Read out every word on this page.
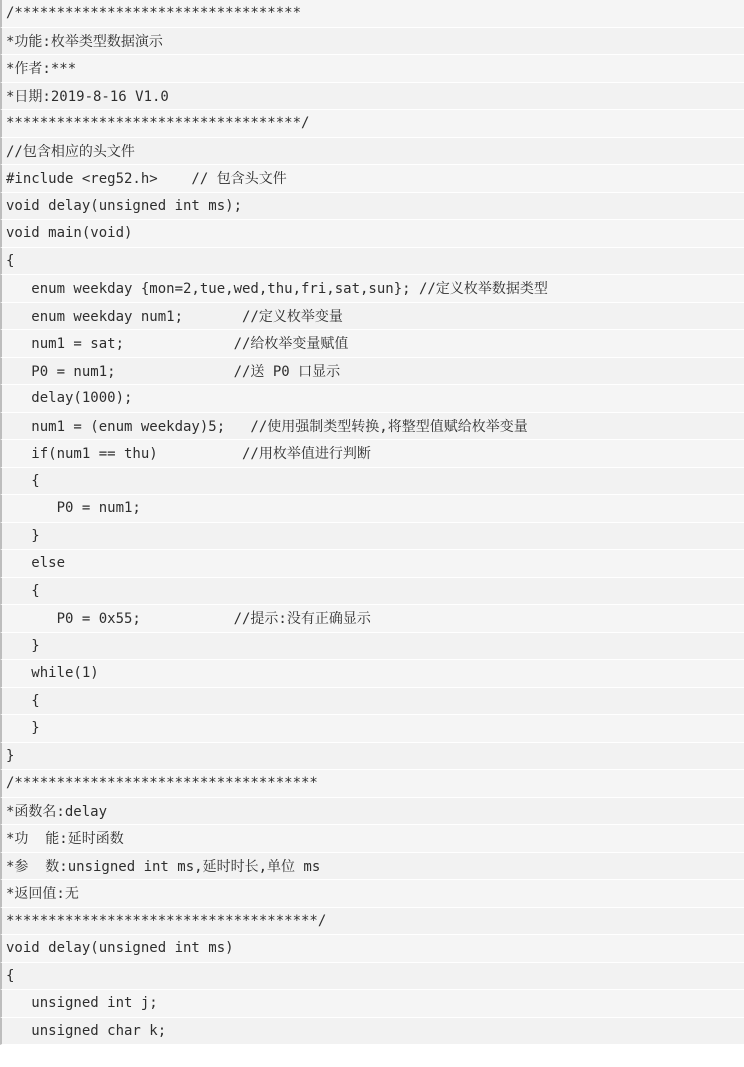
/**********************************
*功能:枚举类型数据演示
*作者:***
*日期:2019-8-16 V1.0
***********************************/
//包含相应的头文件
#include <reg52.h>    // 包含头文件
void delay(unsigned int ms);
void main(void)
{
enum weekday {mon=2,tue,wed,thu,fri,sat,sun}; //定义枚举数据类型
enum weekday num1;       //定义枚举变量
num1 = sat;             //给枚举变量赋值
P0 = num1;              //送 P0 口显示
delay(1000);
num1 = (enum weekday)5;   //使用强制类型转换,将整型值赋给枚举变量
if(num1 == thu)          //用枚举值进行判断
{
P0 = num1;
}
else
{
P0 = 0x55;           //提示:没有正确显示
}
while(1)
{
}
}
/************************************
*函数名:delay
*功  能:延时函数
*参  数:unsigned int ms,延时时长,单位 ms
*返回值:无
*************************************/
void delay(unsigned int ms)
{
unsigned int j;
unsigned char k;
